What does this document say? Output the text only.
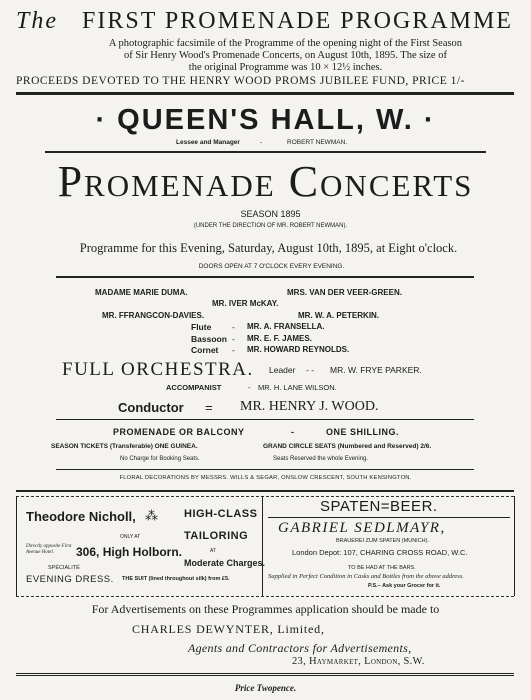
The FIRST PROMENADE PROGRAMME
A photographic facsimile of the Programme of the opening night of the First Season
of Sir Henry Wood's Promenade Concerts, on August 10th, 1895. The size of
the original Programme was 10 × 12½ inches.
PROCEEDS DEVOTED TO THE HENRY WOOD PROMS JUBILEE FUND, PRICE 1/-
· QUEEN'S HALL, W. ·
Lessee and Manager	-	ROBERT NEWMAN.
Promenade Concerts
SEASON 1895
(UNDER THE DIRECTION OF MR. ROBERT NEWMAN).
Programme for this Evening, Saturday, August 10th, 1895, at Eight o'clock.
DOORS OPEN AT 7 O'CLOCK EVERY EVENING.
MADAME MARIE DUMA.	MRS. VAN DER VEER-GREEN.
MR. IVER McKAY.
MR. FFRANGCON-DAVIES.	MR. W. A. PETERKIN.
Flute - MR. A. FRANSELLA.
Bassoon - MR. E. F. JAMES.
Cornet - MR. HOWARD REYNOLDS.
FULL ORCHESTRA. Leader - - MR. W. FRYE PARKER.
ACCOMPANIST	- MR. H. LANE WILSON.
Conductor = MR. HENRY J. WOOD.
PROMENADE OR BALCONY	-	ONE SHILLING.
SEASON TICKETS (Transferable) ONE GUINEA.	GRAND CIRCLE SEATS (Numbered and Reserved) 2/6.
No Charge for Booking Seats.	Seats Reserved the whole Evening.
FLORAL DECORATIONS BY MESSRS. WILLS & SEGAR, ONSLOW CRESCENT, SOUTH KENSINGTON.
Theodore Nicholl, ⁂
ONLY AT
Directly opposite First Avenue Hotel.	306, High Holborn.
SPÉCIALITÉ
EVENING DRESS. THE SUIT (lined throughout silk) from £5.
HIGH-CLASS
TAILORING
AT
Moderate Charges.
SPATEN=BEER.
GABRIEL SEDLMAYR,
BRAUEREI ZUM SPATEN (MUNICH).
London Depot: 107, CHARING CROSS ROAD, W.C.
TO BE HAD AT THE BARS.
Supplied in Perfect Condition in Casks and Bottles from the above address.
P.S.– Ask your Grocer for it.
For Advertisements on these Programmes application should be made to
CHARLES DEWYNTER, Limited,
Agents and Contractors for Advertisements,
23, Haymarket, London, S.W.
Price Twopence.
